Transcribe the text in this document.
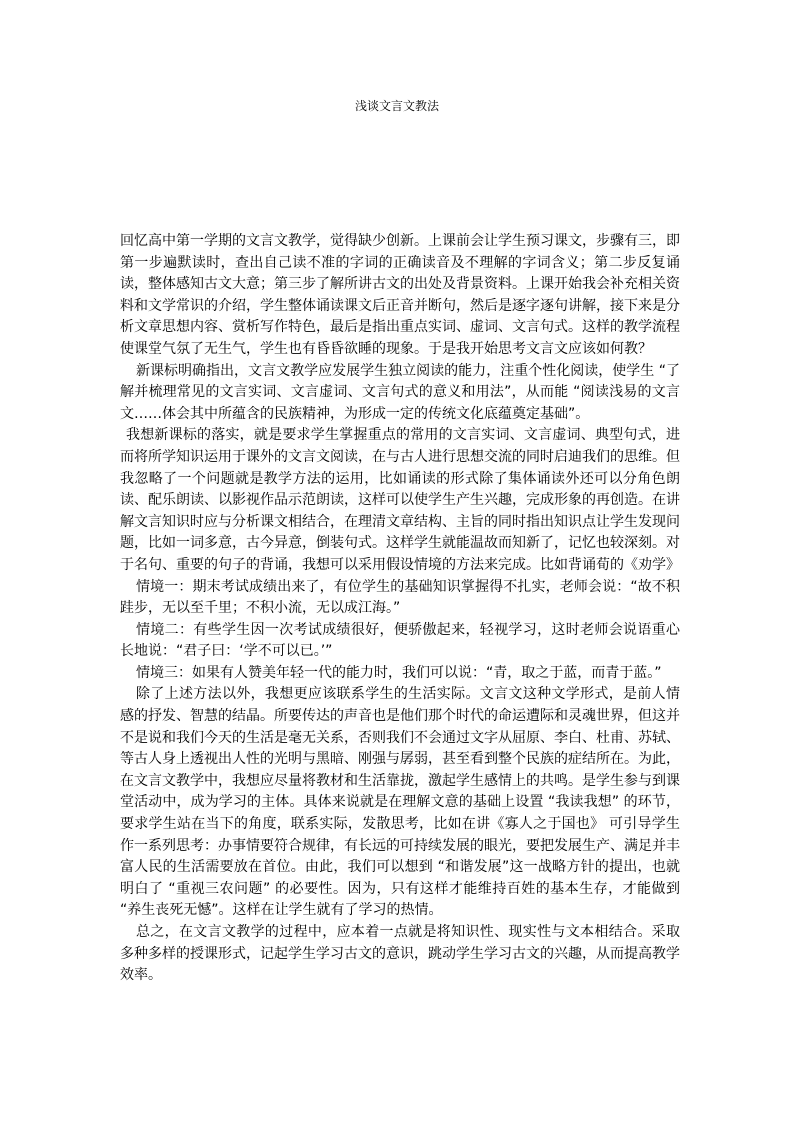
浅谈文言文教法

回忆高中第一学期的文言文教学，觉得缺少创新。上课前会让学生预习课文，步骤有三，即第一步遍默读时，查出自己读不准的字词的正确读音及不理解的字词含义；第二步反复诵读，整体感知古文大意；第三步了解所讲古文的出处及背景资料。上课开始我会补充相关资料和文学常识的介绍，学生整体诵读课文后正音并断句，然后是逐字逐句讲解，接下来是分析文章思想内容、赏析写作特色，最后是指出重点实词、虚词、文言句式。这样的教学流程使课堂气氛了无生气，学生也有昏昏欲睡的现象。于是我开始思考文言文应该如何教？

新课标明确指出，文言文教学应发展学生独立阅读的能力，注重个性化阅读，使学生 “了解并梳理常见的文言实词、文言虚词、文言句式的意义和用法”，从而能 “阅读浅易的文言文……体会其中所蕴含的民族精神，为形成一定的传统文化底蕴奠定基础”。

我想新课标的落实，就是要求学生掌握重点的常用的文言实词、文言虚词、典型句式，进而将所学知识运用于课外的文言文阅读，在与古人进行思想交流的同时启迪我们的思维。但我忽略了一个问题就是教学方法的运用，比如诵读的形式除了集体诵读外还可以分角色朗读、配乐朗读、以影视作品示范朗读，这样可以使学生产生兴趣，完成形象的再创造。在讲解文言知识时应与分析课文相结合，在理清文章结构、主旨的同时指出知识点让学生发现问题，比如一词多意，古今异意，倒装句式。这样学生就能温故而知新了，记忆也较深刻。对于名句、重要的句子的背诵，我想可以采用假设情境的方法来完成。比如背诵荀的《劝学》

情境一：期末考试成绩出来了，有位学生的基础知识掌握得不扎实，老师会说：“故不积跬步，无以至千里；不积小流，无以成江海。”

情境二：有些学生因一次考试成绩很好，便骄傲起来，轻视学习，这时老师会说语重心长地说：“君子曰：‘学不可以已。’”

情境三：如果有人赞美年轻一代的能力时，我们可以说：“青，取之于蓝，而青于蓝。”

除了上述方法以外，我想更应该联系学生的生活实际。文言文这种文学形式，是前人情感的抒发、智慧的结晶。所要传达的声音也是他们那个时代的命运遭际和灵魂世界，但这并不是说和我们今天的生活是毫无关系，否则我们不会通过文字从屈原、李白、杜甫、苏轼、等古人身上透视出人性的光明与黑暗、刚强与孱弱，甚至看到整个民族的症结所在。为此，在文言文教学中，我想应尽量将教材和生活靠拢，激起学生感情上的共鸣。是学生参与到课堂活动中，成为学习的主体。具体来说就是在理解文意的基础上设置 “我读我想” 的环节，要求学生站在当下的角度，联系实际，发散思考，比如在讲《寡人之于国也》 可引导学生作一系列思考：办事情要符合规律，有长远的可持续发展的眼光，要把发展生产、满足并丰富人民的生活需要放在首位。由此，我们可以想到 “和谐发展”这一战略方针的提出，也就明白了 “重视三农问题” 的必要性。因为，只有这样才能维持百姓的基本生存，才能做到 “养生丧死无憾”。这样在让学生就有了学习的热情。

总之，在文言文教学的过程中，应本着一点就是将知识性、现实性与文本相结合。采取多种多样的授课形式，记起学生学习古文的意识，跳动学生学习古文的兴趣，从而提高教学效率。
